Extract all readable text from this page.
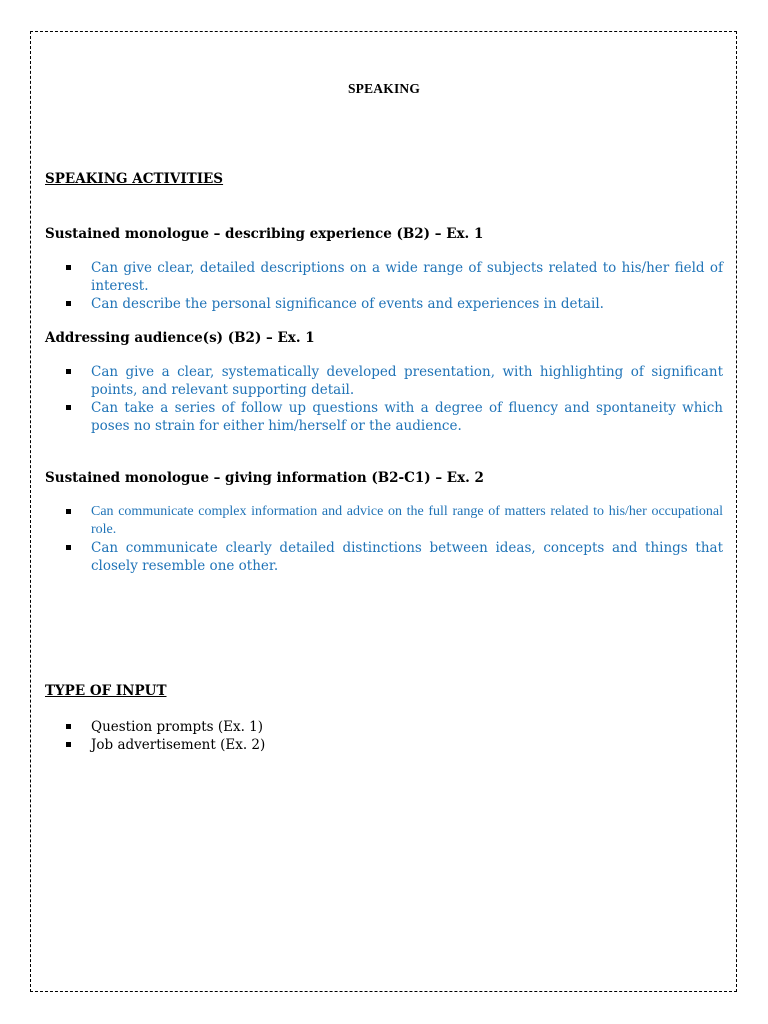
SPEAKING
SPEAKING ACTIVITIES
Sustained monologue – describing experience (B2) – Ex. 1
Can give clear, detailed descriptions on a wide range of subjects related to his/her field of interest.
Can describe the personal significance of events and experiences in detail.
Addressing audience(s) (B2) – Ex. 1
Can give a clear, systematically developed presentation, with highlighting of significant points, and relevant supporting detail.
Can take a series of follow up questions with a degree of fluency and spontaneity which poses no strain for either him/herself or the audience.
Sustained monologue – giving information (B2-C1) – Ex. 2
Can communicate complex information and advice on the full range of matters related to his/her occupational role.
Can communicate clearly detailed distinctions between ideas, concepts and things that closely resemble one other.
TYPE OF INPUT
Question prompts (Ex. 1)
Job advertisement (Ex. 2)
